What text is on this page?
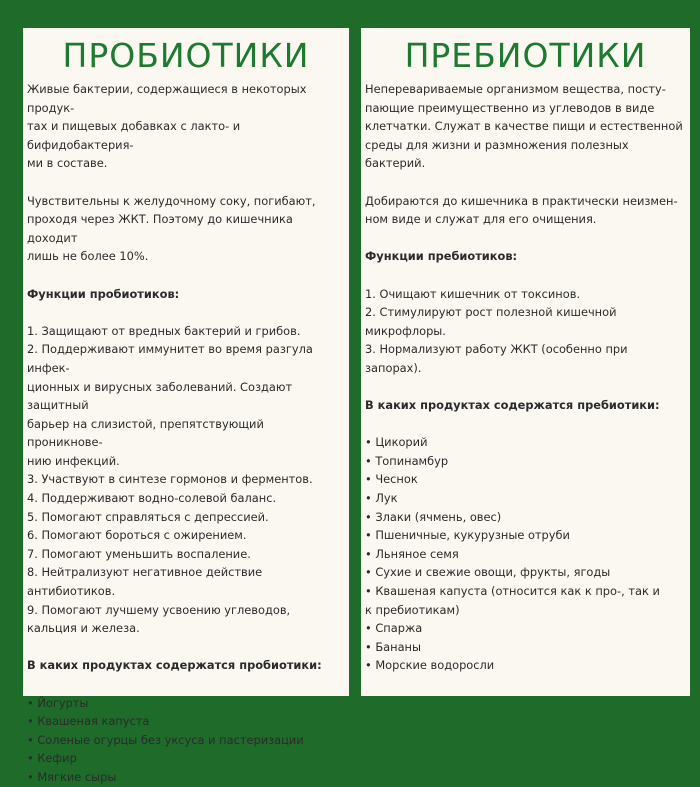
ПРОБИОТИКИ

Живые бактерии, содержащиеся в некоторых продук-

тах и пищевых добавках с лакто- и бифидобактерия-

ми в составе.

Чувствительны к желудочному соку, погибают,

проходя через ЖКТ. Поэтому до кишечника доходит

лишь не более 10%.

Функции пробиотиков:

1. Защищают от вредных бактерий и грибов.

2. Поддерживают иммунитет во время разгула инфек-

ционных и вирусных заболеваний. Создают защитный

барьер на слизистой, препятствующий проникнове-

нию инфекций.

3. Участвуют в синтезе гормонов и ферментов.

4. Поддерживают водно-солевой баланс.

5. Помогают справляться с депрессией.

6. Помогают бороться с ожирением.

7. Помогают уменьшить воспаление.

8. Нейтрализуют негативное действие антибиотиков.

9. Помогают лучшему усвоению углеводов,

кальция и железа.

В каких продуктах содержатся пробиотики:

• Йогурты

• Квашеная капуста

• Соленые огурцы без уксуса и пастеризации

• Кефир

• Мягкие сыры

ПРЕБИОТИКИ

Неперевариваемые организмом вещества, посту-

пающие преимущественно из углеводов в виде

клетчатки. Служат в качестве пищи и естественной

среды для жизни и размножения полезных

бактерий.

Добираются до кишечника в практически неизмен-

ном виде и служат для его очищения.

Функции пребиотиков:

1. Очищают кишечник от токсинов.

2. Стимулируют рост полезной кишечной

микрофлоры.

3. Нормализуют работу ЖКТ (особенно при запорах).

В каких продуктах содержатся пребиотики:

• Цикорий

• Топинамбур

• Чеснок

• Лук

• Злаки (ячмень, овес)

• Пшеничные, кукурузные отруби

• Льняное семя

• Сухие и свежие овощи, фрукты, ягоды

• Квашеная капуста (относится как к про-, так и

к пребиотикам)

• Спаржа

• Бананы

• Морские водоросли
